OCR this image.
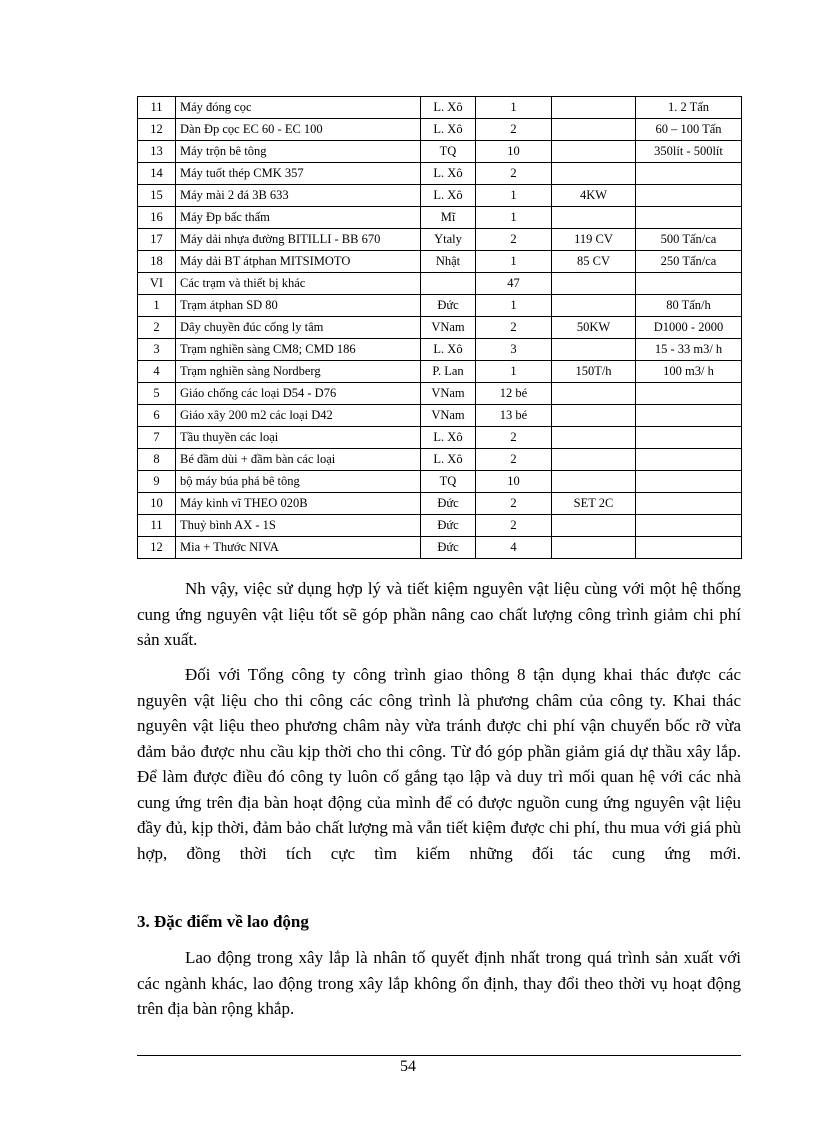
11	Máy đóng cọc	L. Xô	1		1. 2 Tấn
12	Dàn Đp cọc EC 60 - EC 100	L. Xô	2		60 – 100 Tấn
13	Máy trộn bê tông	TQ	10		350lít - 500lít
14	Máy tuốt thép CMK 357	L. Xô	2		
15	Máy mài 2 đá 3B 633	L. Xô	1	4KW	
16	Máy Đp bấc thấm	Mĩ	1		
17	Máy dải nhựa đường BITILLI - BB 670	Ytaly	2	119 CV	500 Tấn/ca
18	Máy dải BT átphan MITSIMOTO	Nhật	1	85 CV	250 Tấn/ca
VI	Các trạm và thiết bị khác		47		
1	Trạm átphan SD 80	Đức	1		80 Tấn/h
2	Dây chuyền đúc cống ly tâm	VNam	2	50KW	D1000 - 2000
3	Trạm nghiền sàng CM8; CMD 186	L. Xô	3		15 - 33 m3/ h
4	Trạm nghiền sàng Nordberg	P. Lan	1	150T/h	100 m3/ h
5	Giáo chống các loại D54 - D76	VNam	12 bé		
6	Giáo xây 200 m2 các loại D42	VNam	13 bé		
7	Tầu thuyền các loại	L. Xô	2		
8	Bé đầm dùi + đầm bàn các loại	L. Xô	2		
9	bộ máy búa phá bê tông	TQ	10		
10	Máy kinh vĩ THEO 020B	Đức	2	SET 2C	
11	Thuỷ bình AX - 1S	Đức	2		
12	Mia + Thước NIVA	Đức	4		

Nh vậy, việc sử dụng hợp lý và tiết kiệm nguyên vật liệu cùng với một hệ thống cung ứng nguyên vật liệu tốt sẽ góp phần nâng cao chất lượng công trình giảm chi phí sản xuất.

Đối với Tổng công ty công trình giao thông 8 tận dụng khai thác được các nguyên vật liệu cho thi công các công trình là phương châm của công ty. Khai thác nguyên vật liệu theo phương châm này vừa tránh được chi phí vận chuyển bốc rỡ vừa đảm bảo được nhu cầu kịp thời cho thi công. Từ đó góp phần giảm giá dự thầu xây lắp. Để làm được điều đó công ty luôn cố gắng tạo lập và duy trì mối quan hệ với các nhà cung ứng trên địa bàn hoạt động của mình để có được nguồn cung ứng nguyên vật liệu đầy đủ, kịp thời, đảm bảo chất lượng mà vẫn tiết kiệm được chi phí, thu mua với giá phù hợp, đồng thời tích cực tìm kiếm những đối tác cung ứng mới.

3. Đặc điểm về lao động

Lao động trong xây lắp là nhân tố quyết định nhất trong quá trình sản xuất với các ngành khác, lao động trong xây lắp không ổn định, thay đổi theo thời vụ hoạt động trên địa bàn rộng khắp.

54
